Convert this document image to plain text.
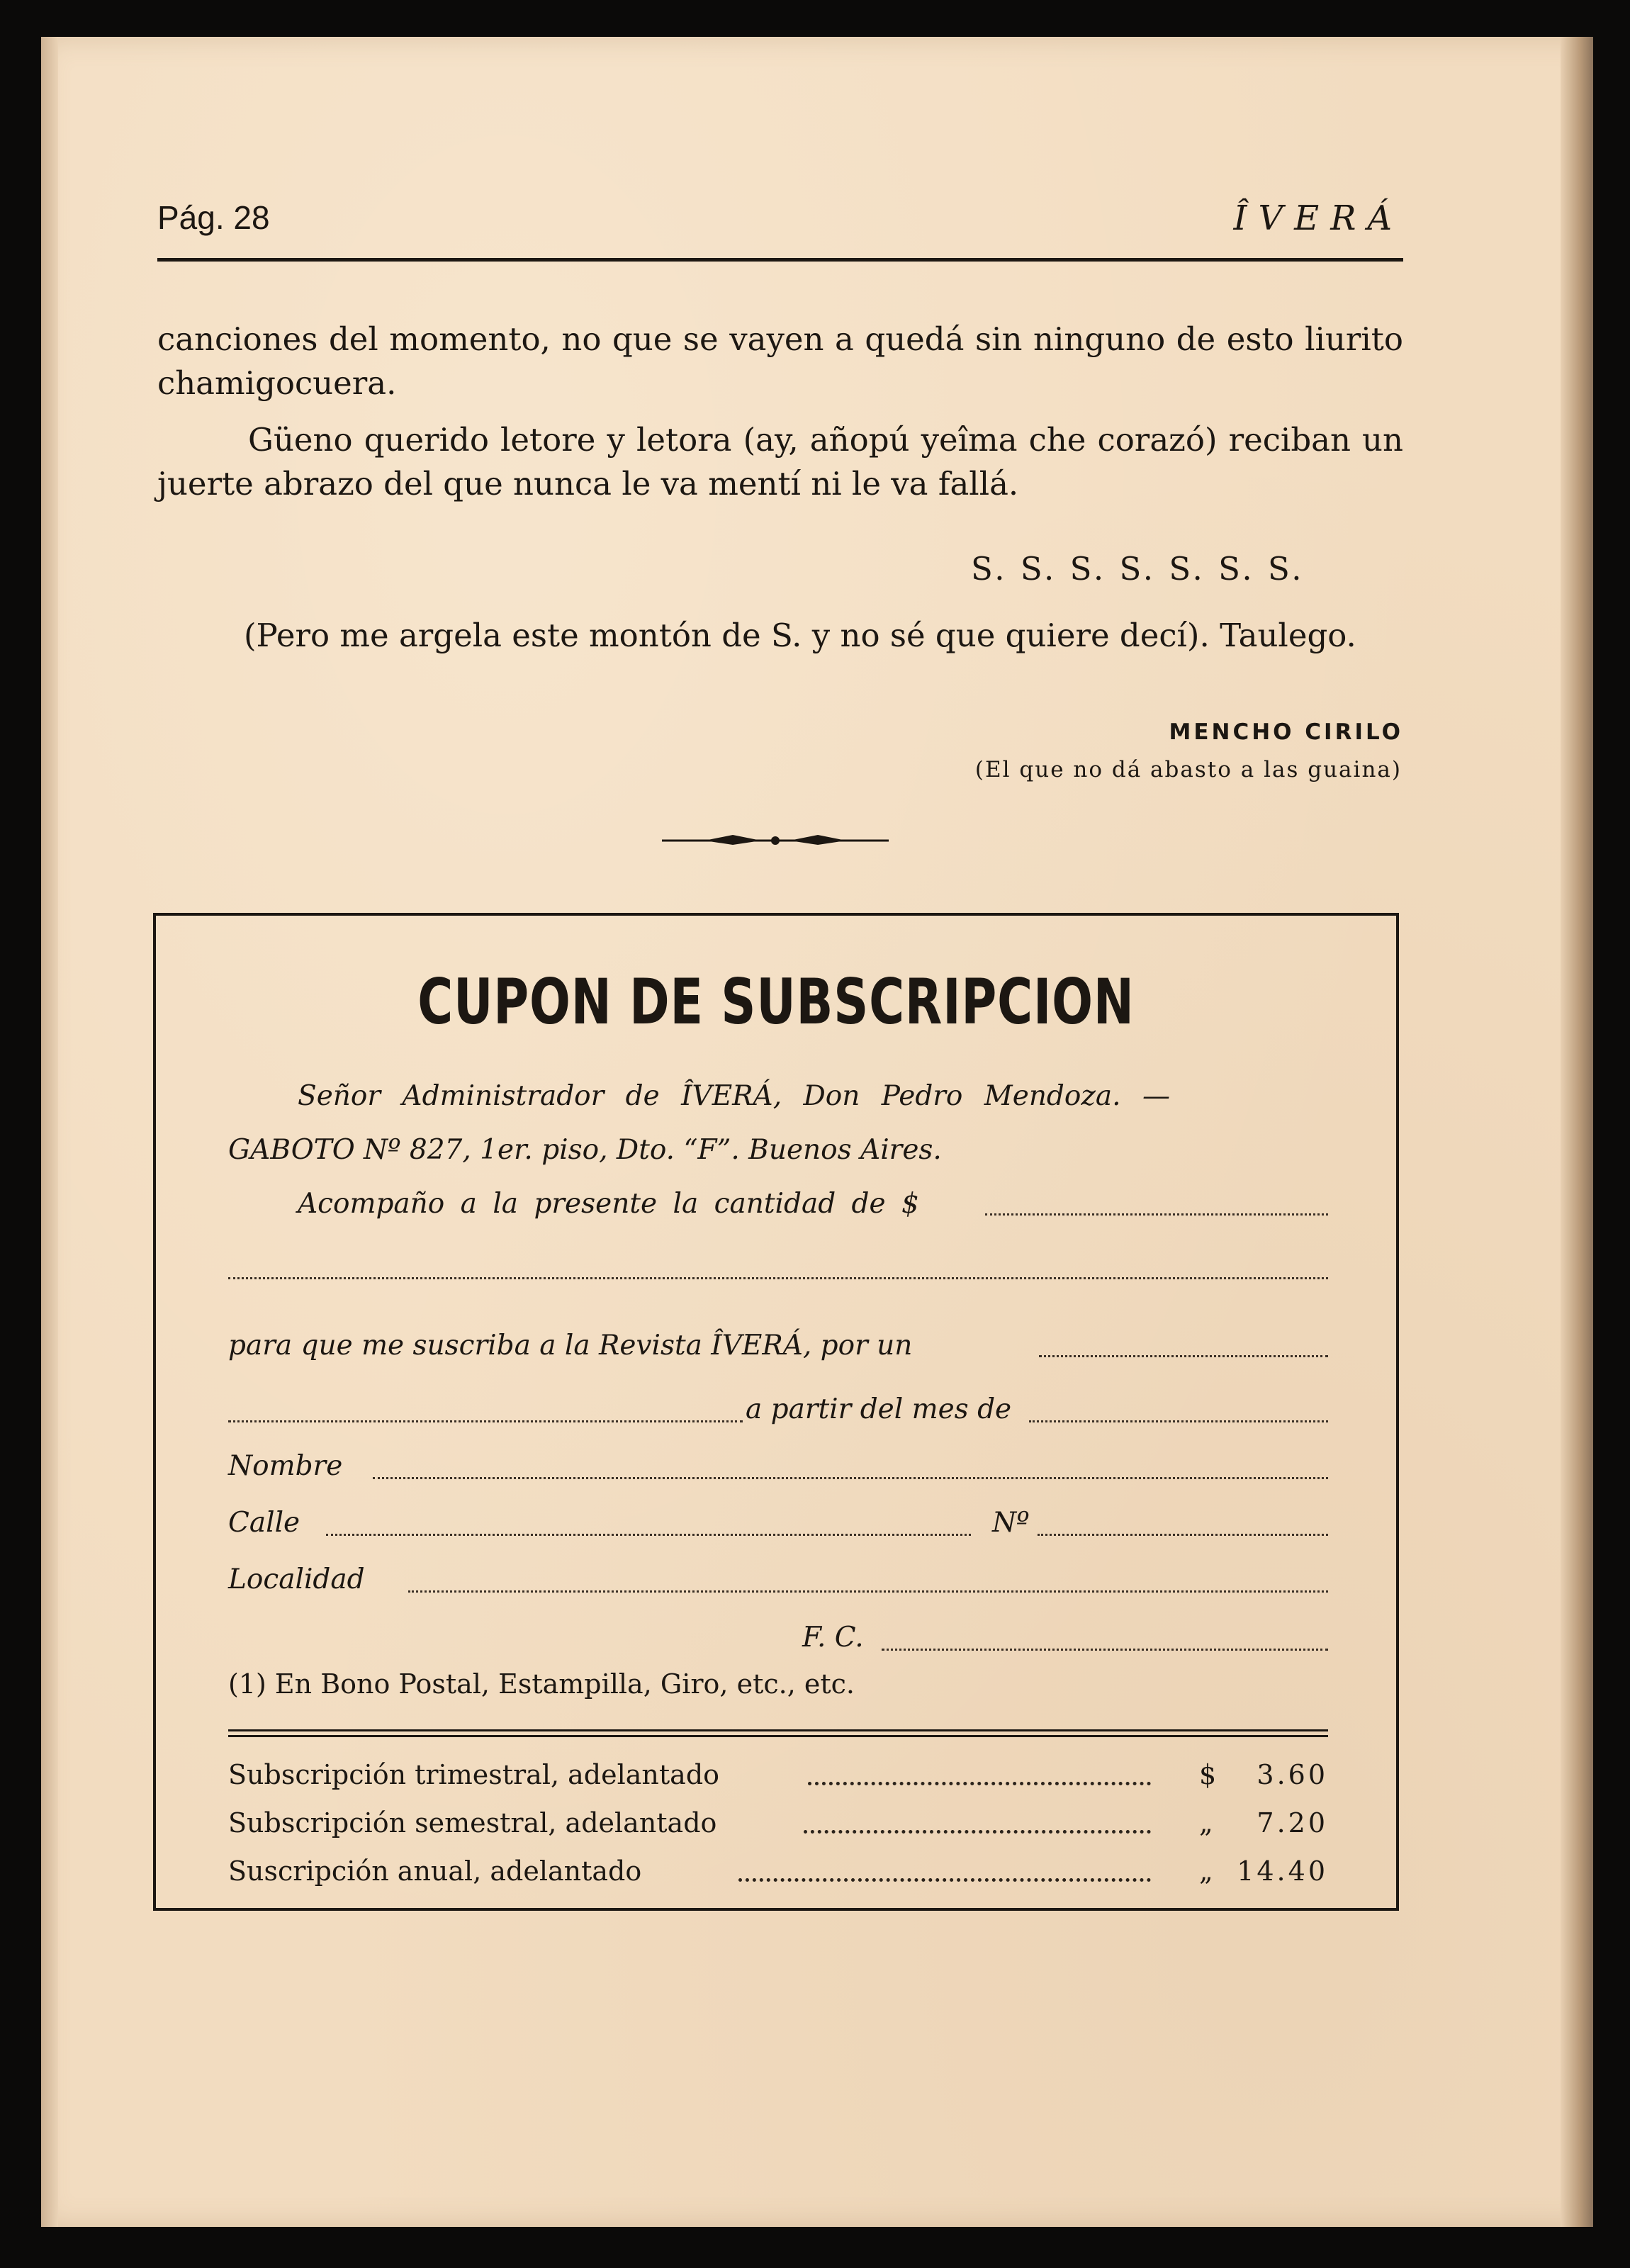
Pág. 28	ÎVERÁ
canciones del momento, no que se vayen a quedá sin ninguno de esto liurito chamigocuera.
Güeno querido letore y letora (ay, añopú yeîma che corazó) reciban un juerte abrazo del que nunca le va mentí ni le va fallá.
S. S. S. S. S. S. S.
(Pero me argela este montón de S. y no sé que quiere decí). Taulego.
MENCHO CIRILO
(El que no dá abasto a las guaina)
CUPON DE SUBSCRIPCION
Señor Administrador de ÎVERÁ, Don Pedro Mendoza. —
GABOTO Nº 827, 1er. piso, Dto. “F”. Buenos Aires.
Acompaño a la presente la cantidad de $
para que me suscriba a la Revista ÎVERÁ, por un
a partir del mes de
Nombre
Calle	Nº
Localidad
F. C.
(1) En Bono Postal, Estampilla, Giro, etc., etc.
Subscripción trimestral, adelantado	$ 3.60
Subscripción semestral, adelantado	„ 7.20
Suscripción anual, adelantado	„ 14.40
